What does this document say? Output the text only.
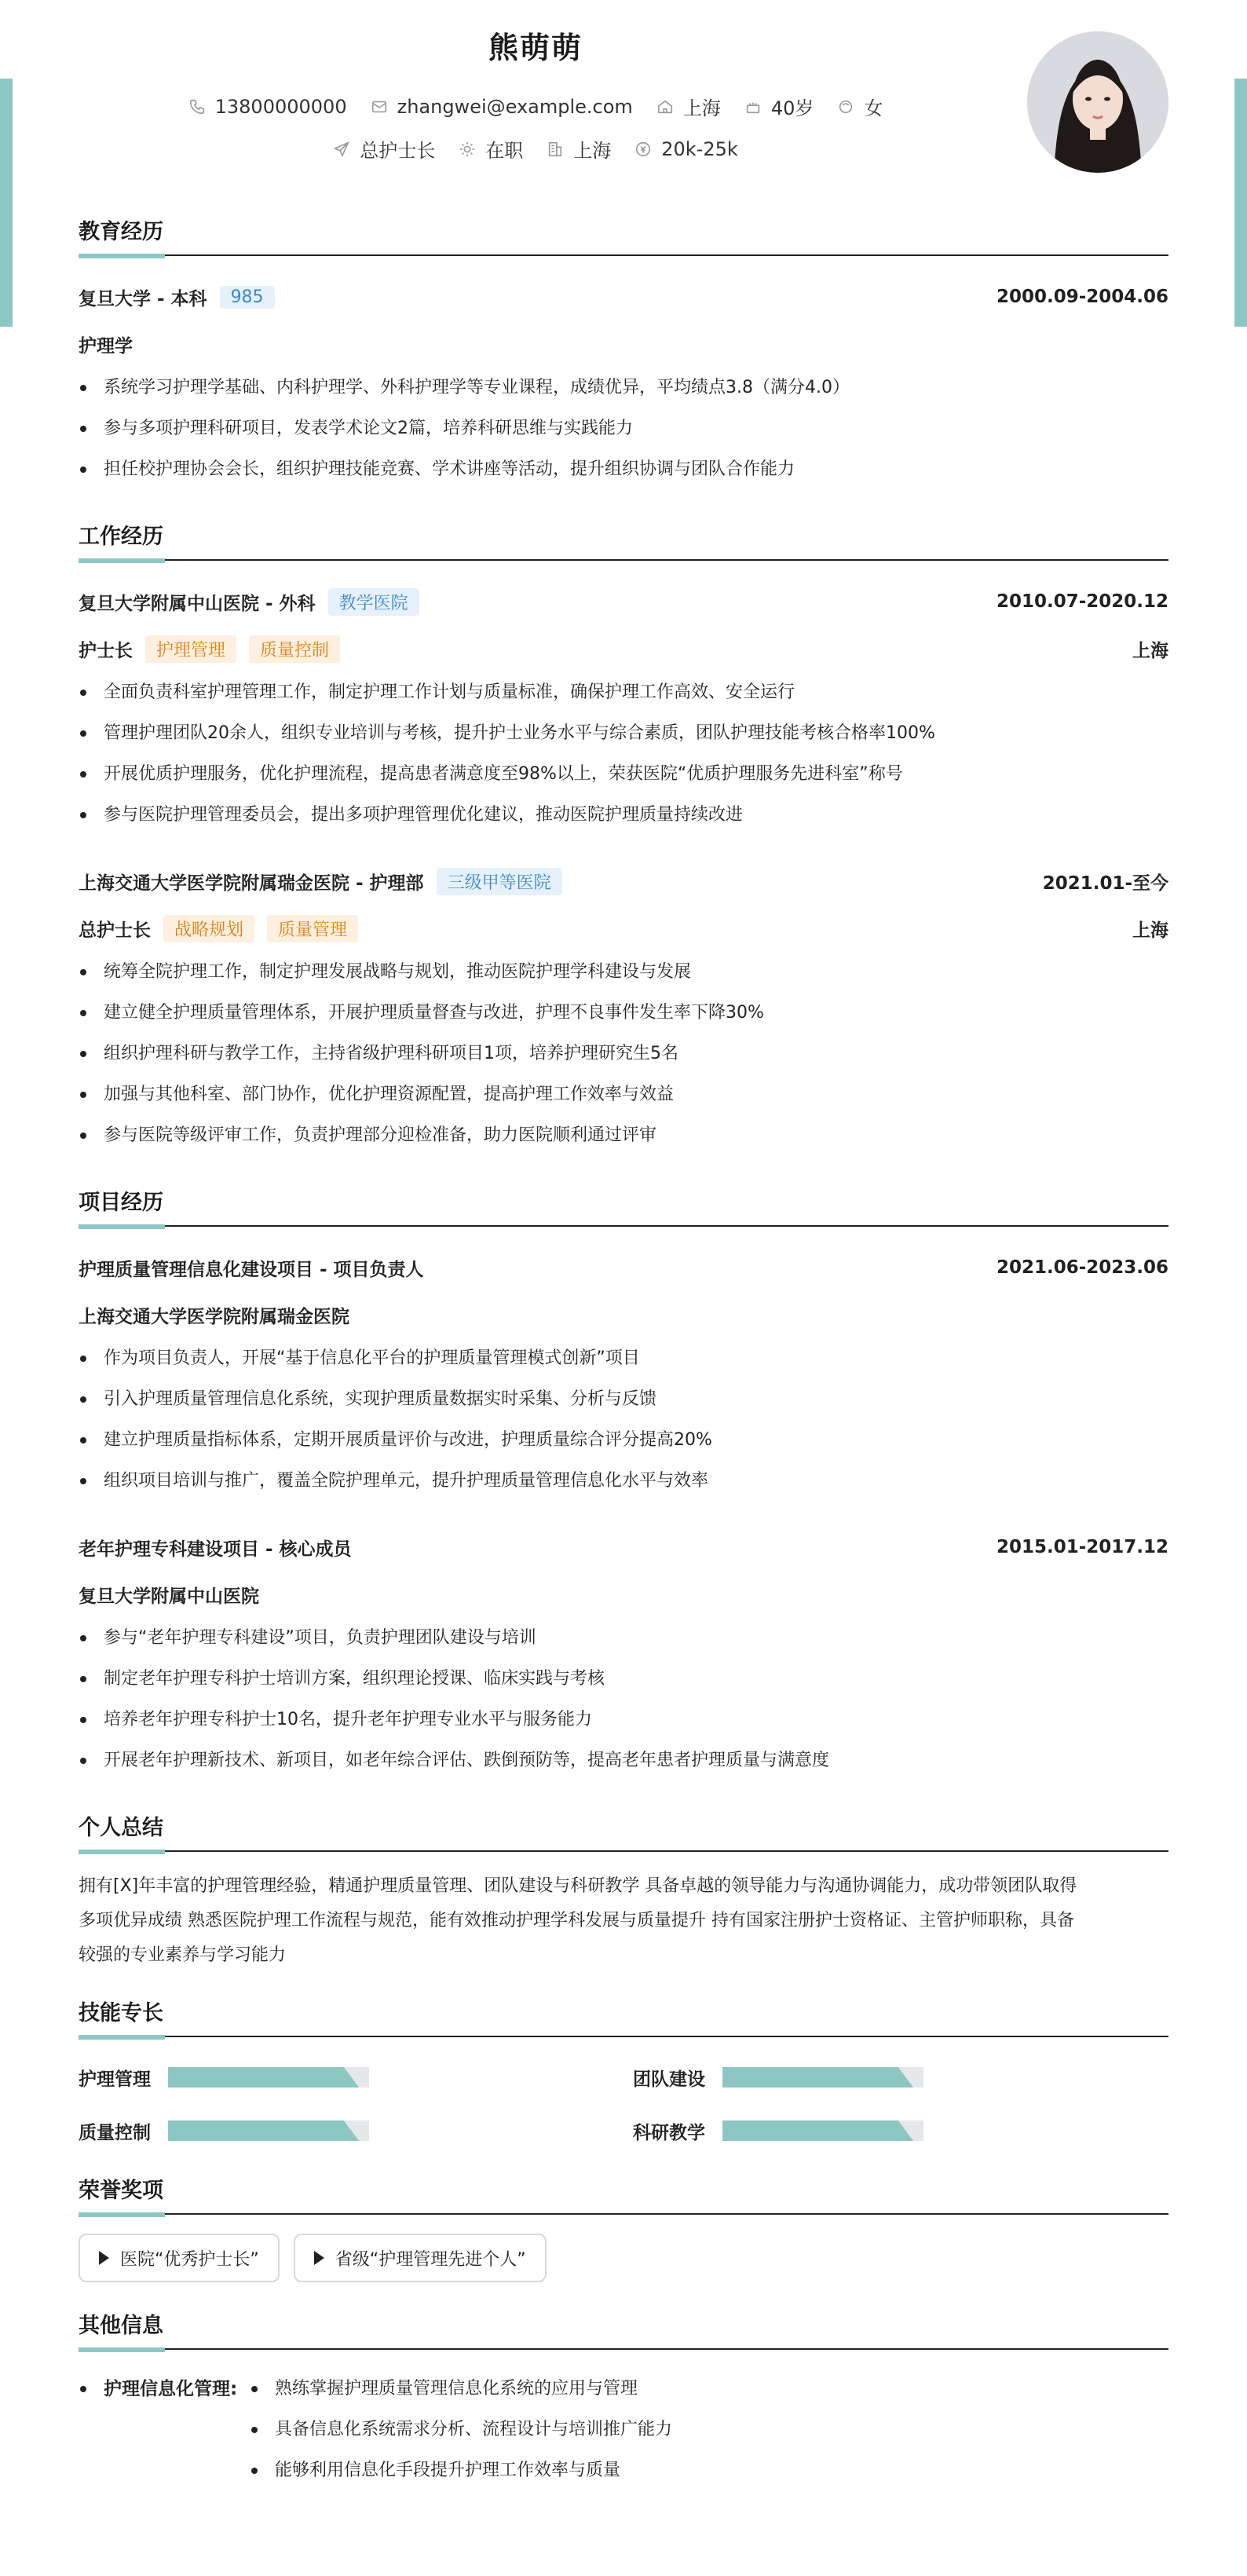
熊萌萌
13800000000	zhangwei@example.com	上海	40岁	女
总护士长	在职	上海	20k-25k
教育经历
复旦大学 - 本科	985	2000.09-2004.06
护理学
系统学习护理学基础、内科护理学、外科护理学等专业课程，成绩优异，平均绩点3.8（满分4.0）
参与多项护理科研项目，发表学术论文2篇，培养科研思维与实践能力
担任校护理协会会长，组织护理技能竞赛、学术讲座等活动，提升组织协调与团队合作能力
工作经历
复旦大学附属中山医院 - 外科	教学医院	2010.07-2020.12
护士长	护理管理	质量控制	上海
全面负责科室护理管理工作，制定护理工作计划与质量标准，确保护理工作高效、安全运行
管理护理团队20余人，组织专业培训与考核，提升护士业务水平与综合素质，团队护理技能考核合格率100%
开展优质护理服务，优化护理流程，提高患者满意度至98%以上，荣获医院“优质护理服务先进科室”称号
参与医院护理管理委员会，提出多项护理管理优化建议，推动医院护理质量持续改进
上海交通大学医学院附属瑞金医院 - 护理部	三级甲等医院	2021.01-至今
总护士长	战略规划	质量管理	上海
统筹全院护理工作，制定护理发展战略与规划，推动医院护理学科建设与发展
建立健全护理质量管理体系，开展护理质量督查与改进，护理不良事件发生率下降30%
组织护理科研与教学工作，主持省级护理科研项目1项，培养护理研究生5名
加强与其他科室、部门协作，优化护理资源配置，提高护理工作效率与效益
参与医院等级评审工作，负责护理部分迎检准备，助力医院顺利通过评审
项目经历
护理质量管理信息化建设项目 - 项目负责人	2021.06-2023.06
上海交通大学医学院附属瑞金医院
作为项目负责人，开展“基于信息化平台的护理质量管理模式创新”项目
引入护理质量管理信息化系统，实现护理质量数据实时采集、分析与反馈
建立护理质量指标体系，定期开展质量评价与改进，护理质量综合评分提高20%
组织项目培训与推广，覆盖全院护理单元，提升护理质量管理信息化水平与效率
老年护理专科建设项目 - 核心成员	2015.01-2017.12
复旦大学附属中山医院
参与“老年护理专科建设”项目，负责护理团队建设与培训
制定老年护理专科护士培训方案，组织理论授课、临床实践与考核
培养老年护理专科护士10名，提升老年护理专业水平与服务能力
开展老年护理新技术、新项目，如老年综合评估、跌倒预防等，提高老年患者护理质量与满意度
个人总结
拥有[X]年丰富的护理管理经验，精通护理质量管理、团队建设与科研教学 具备卓越的领导能力与沟通协调能力，成功带领团队取得
多项优异成绩 熟悉医院护理工作流程与规范，能有效推动护理学科发展与质量提升 持有国家注册护士资格证、主管护师职称，具备
较强的专业素养与学习能力
技能专长
护理管理	团队建设
质量控制	科研教学
荣誉奖项
医院“优秀护士长”	省级“护理管理先进个人”
其他信息
护理信息化管理:	熟练掌握护理质量管理信息化系统的应用与管理
具备信息化系统需求分析、流程设计与培训推广能力
能够利用信息化手段提升护理工作效率与质量
